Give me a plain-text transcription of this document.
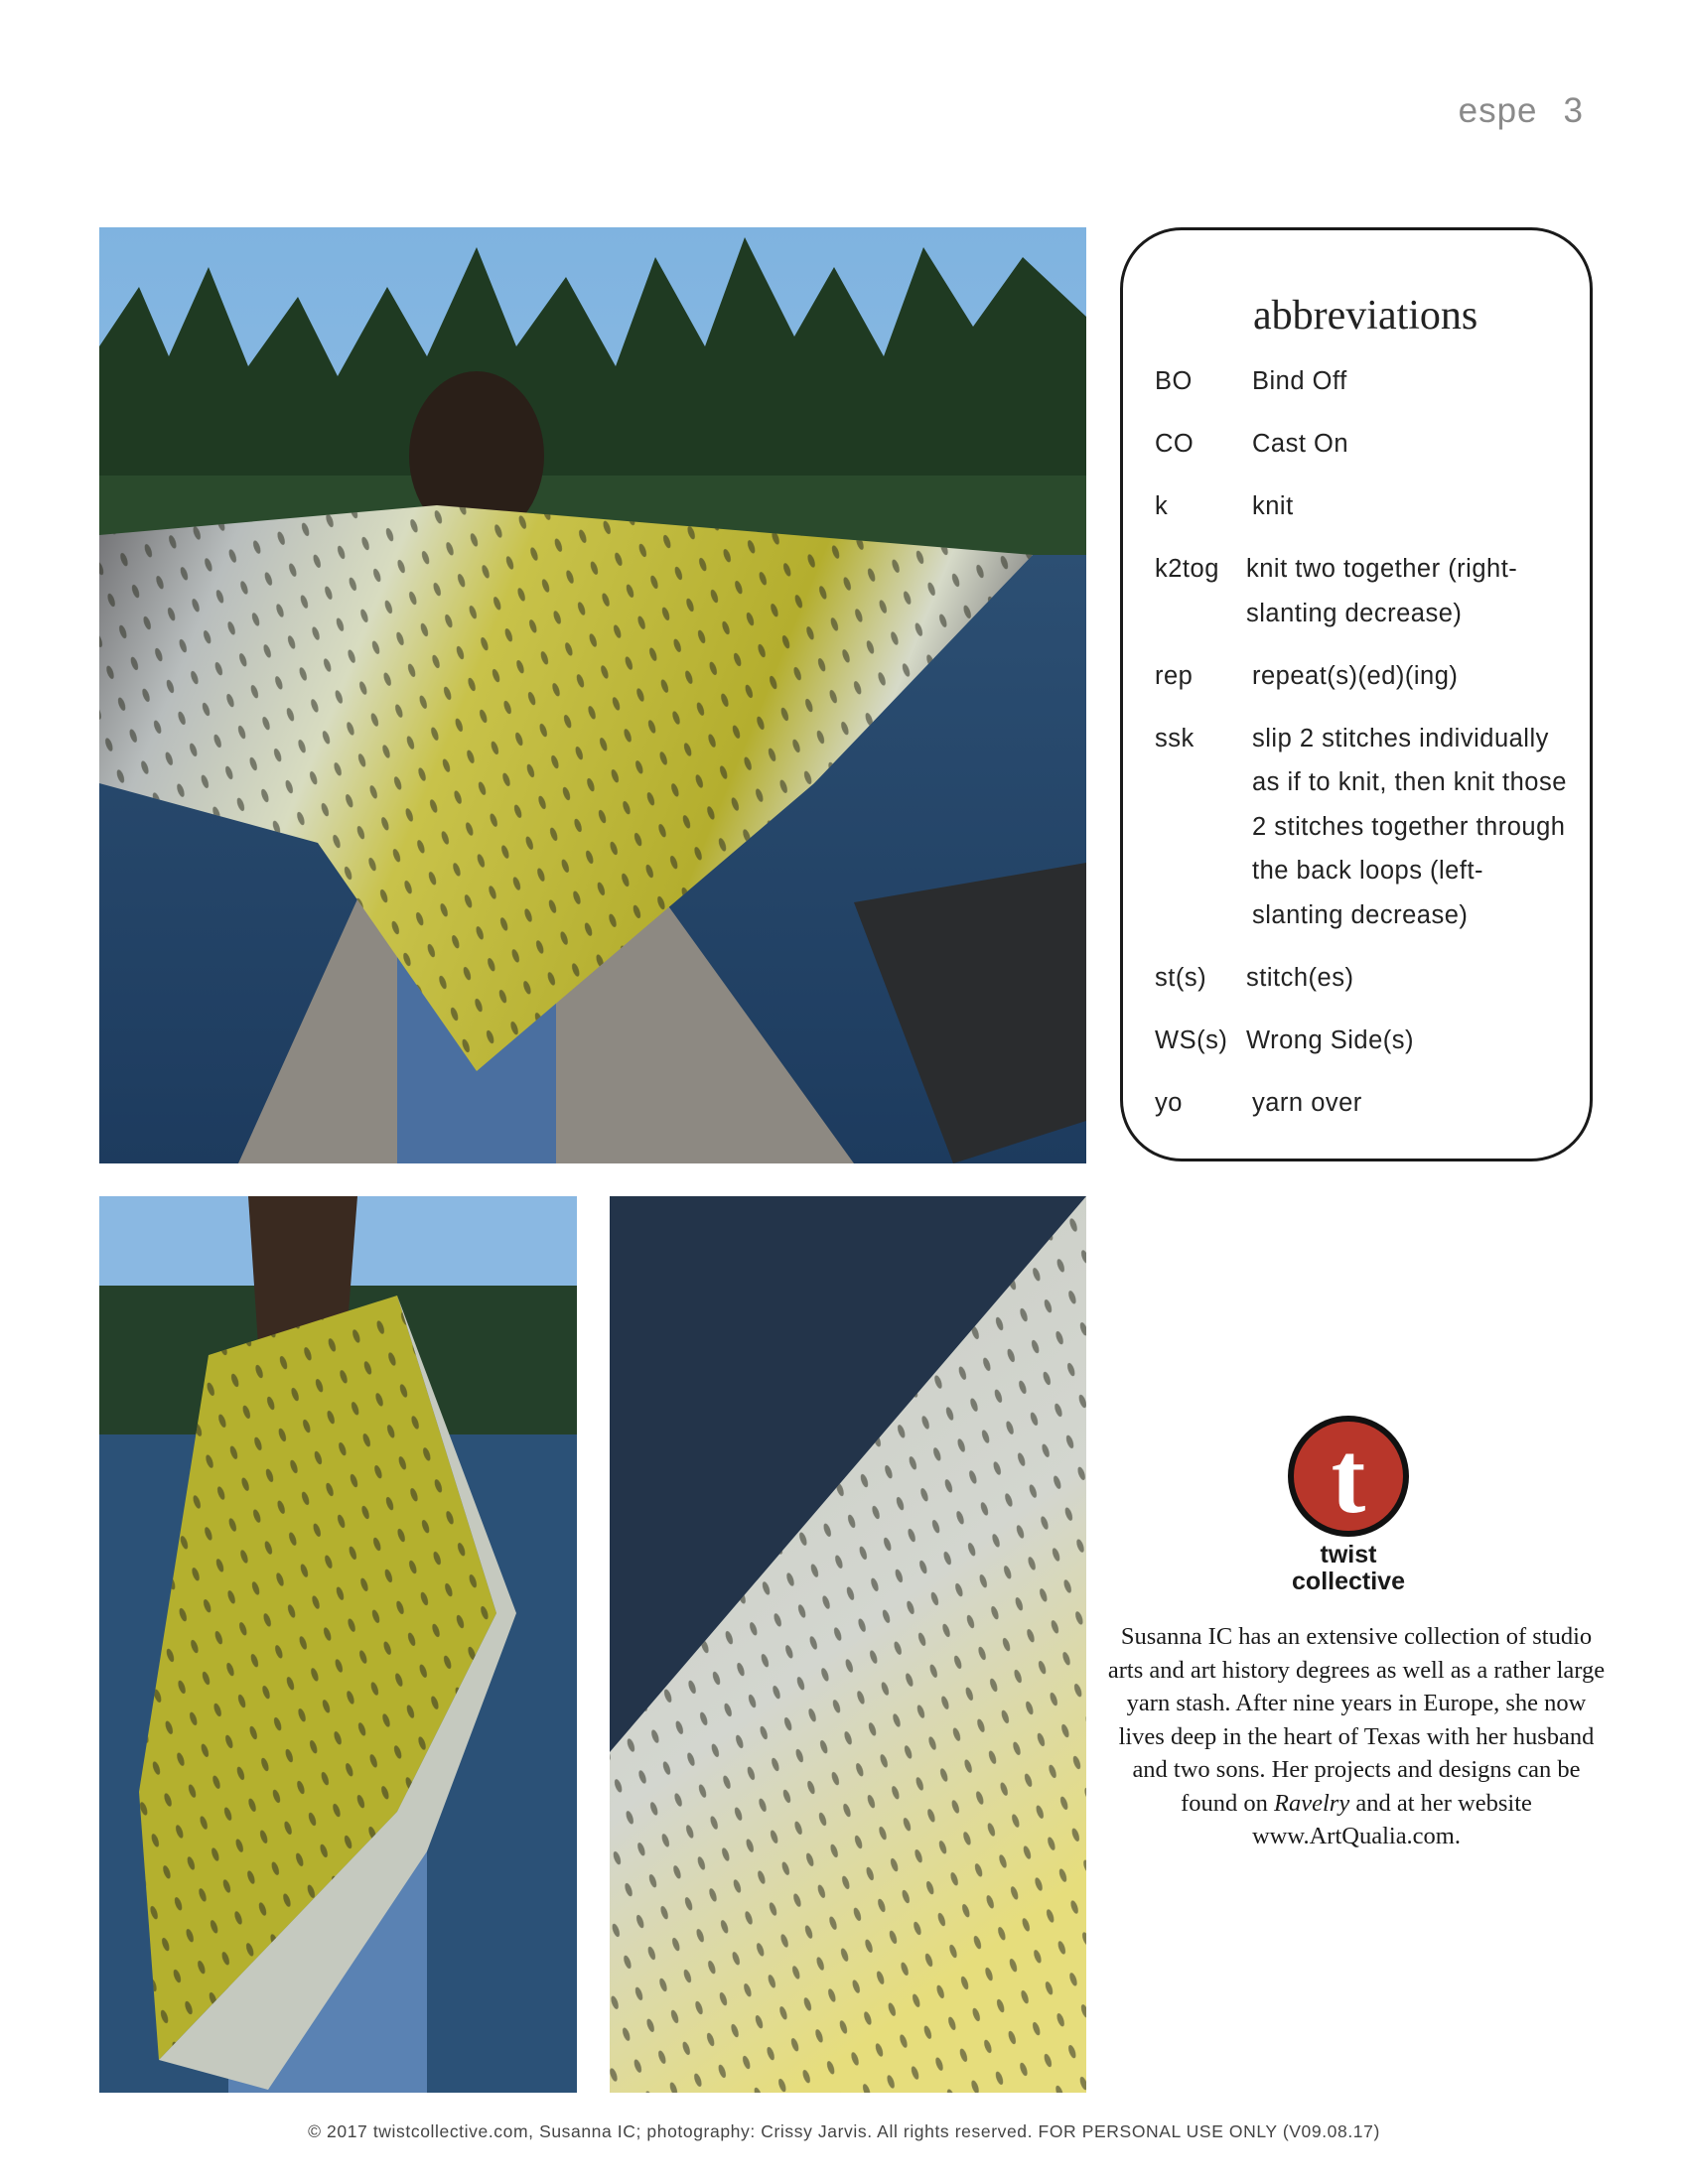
espe 3
abbreviations
BO	Bind Off
CO	Cast On
k	knit
k2tog	knit two together (right-slanting decrease)
rep	repeat(s)(ed)(ing)
ssk	slip 2 stitches individually as if to knit, then knit those 2 stitches together through the back loops (left-slanting decrease)
st(s)	stitch(es)
WS(s) Wrong Side(s)
yo	yarn over
t
twist
collective
Susanna IC has an extensive collection of studio arts and art history degrees as well as a rather large yarn stash. After nine years in Europe, she now lives deep in the heart of Texas with her husband and two sons. Her projects and designs can be found on Ravelry and at her website www.ArtQualia.com.
© 2017 twistcollective.com, Susanna IC; photography: Crissy Jarvis. All rights reserved. FOR PERSONAL USE ONLY (V09.08.17)
